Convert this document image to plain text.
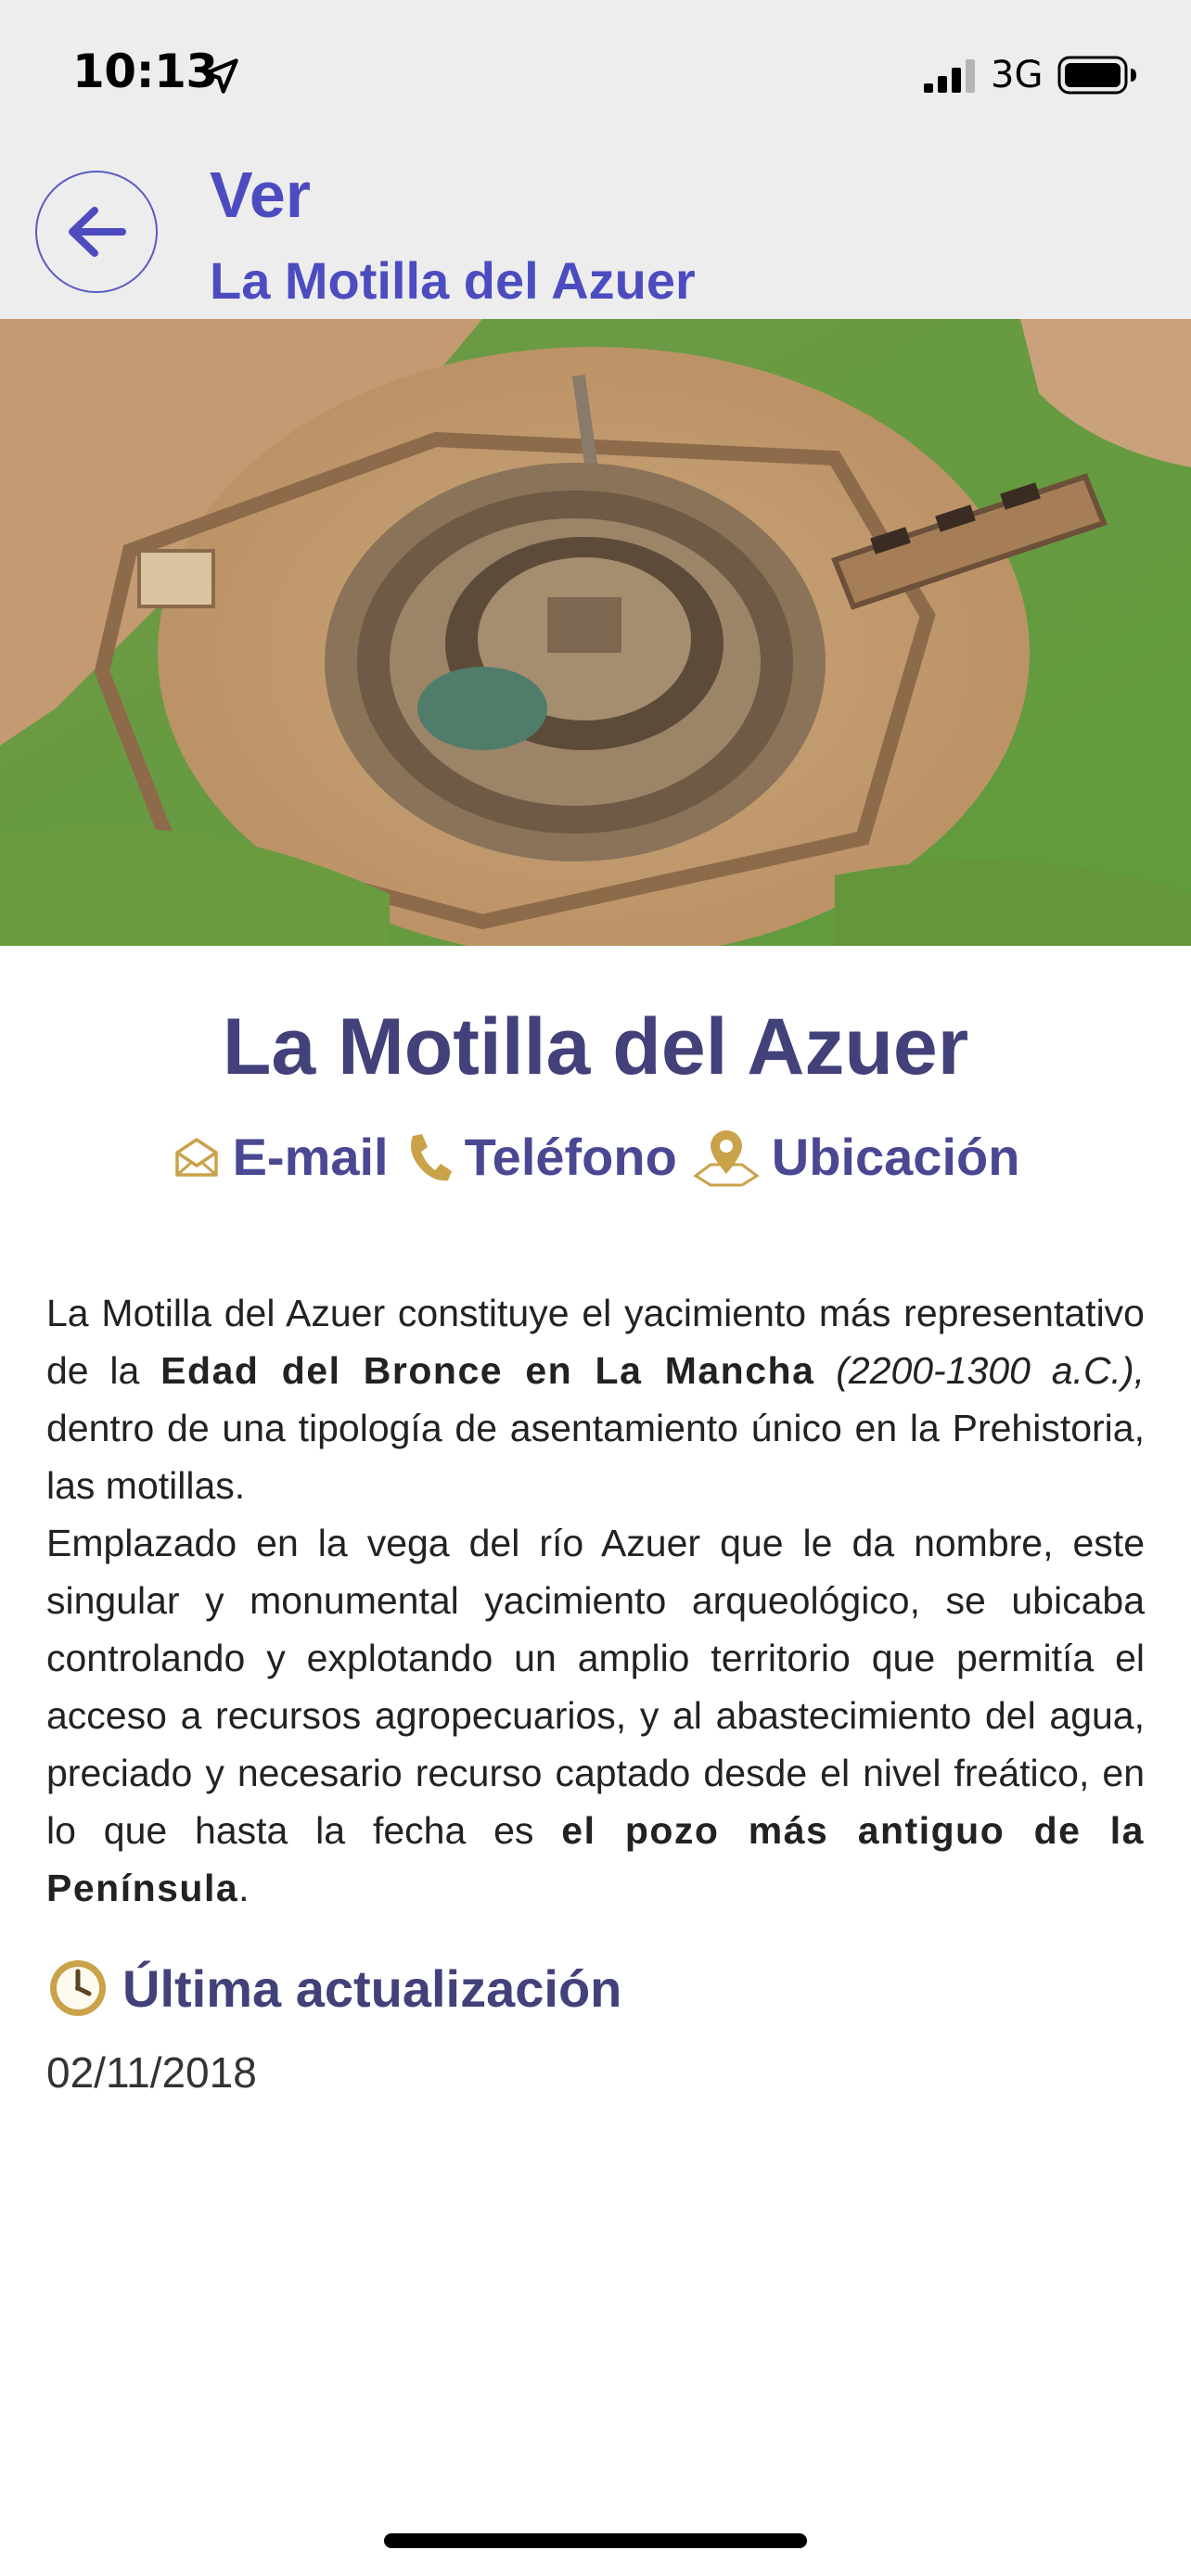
10:13	3G
Ver
La Motilla del Azuer
La Motilla del Azuer
E-mail Teléfono Ubicación

La Motilla del Azuer constituye el yacimiento más representativo de la Edad del Bronce en La Mancha (2200-1300 a.C.), dentro de una tipología de asentamiento único en la Prehistoria, las motillas.

Emplazado en la vega del río Azuer que le da nombre, este singular y monumental yacimiento arqueológico, se ubicaba controlando y explotando un amplio territorio que permitía el acceso a recursos agropecuarios, y al abastecimiento del agua, preciado y necesario recurso captado desde el nivel freático, en lo que hasta la fecha es el pozo más antiguo de la Península.

Última actualización
02/11/2018
